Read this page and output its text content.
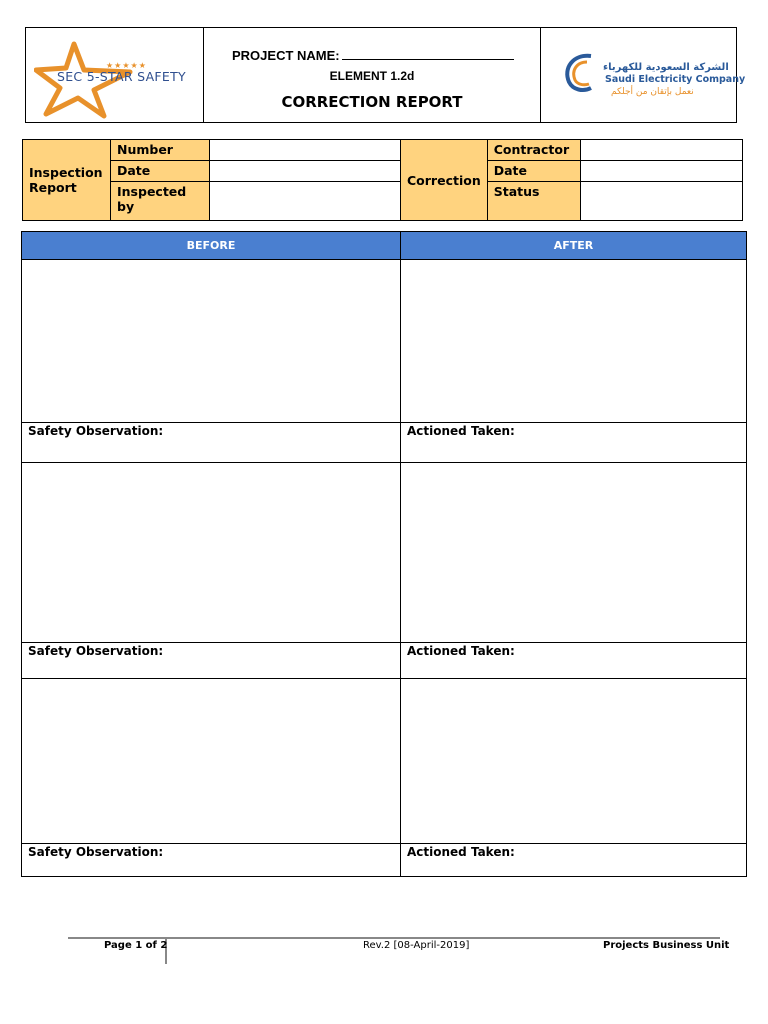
★★★★★
SEC 5-STAR SAFETY
PROJECT NAME:
ELEMENT 1.2d
CORRECTION REPORT
الشركة السعودية للكهرباء
Saudi Electricity Company
نعمل بإتقان من أجلكم
Inspection Report	Number		Correction	Contractor	
	Date			Date	
	Inspected by			Status	
BEFORE	AFTER

Safety Observation:	Actioned Taken:

Safety Observation:	Actioned Taken:

Safety Observation:	Actioned Taken:
Page 1 of 2	Rev.2 [08-April-2019]	Projects Business Unit
